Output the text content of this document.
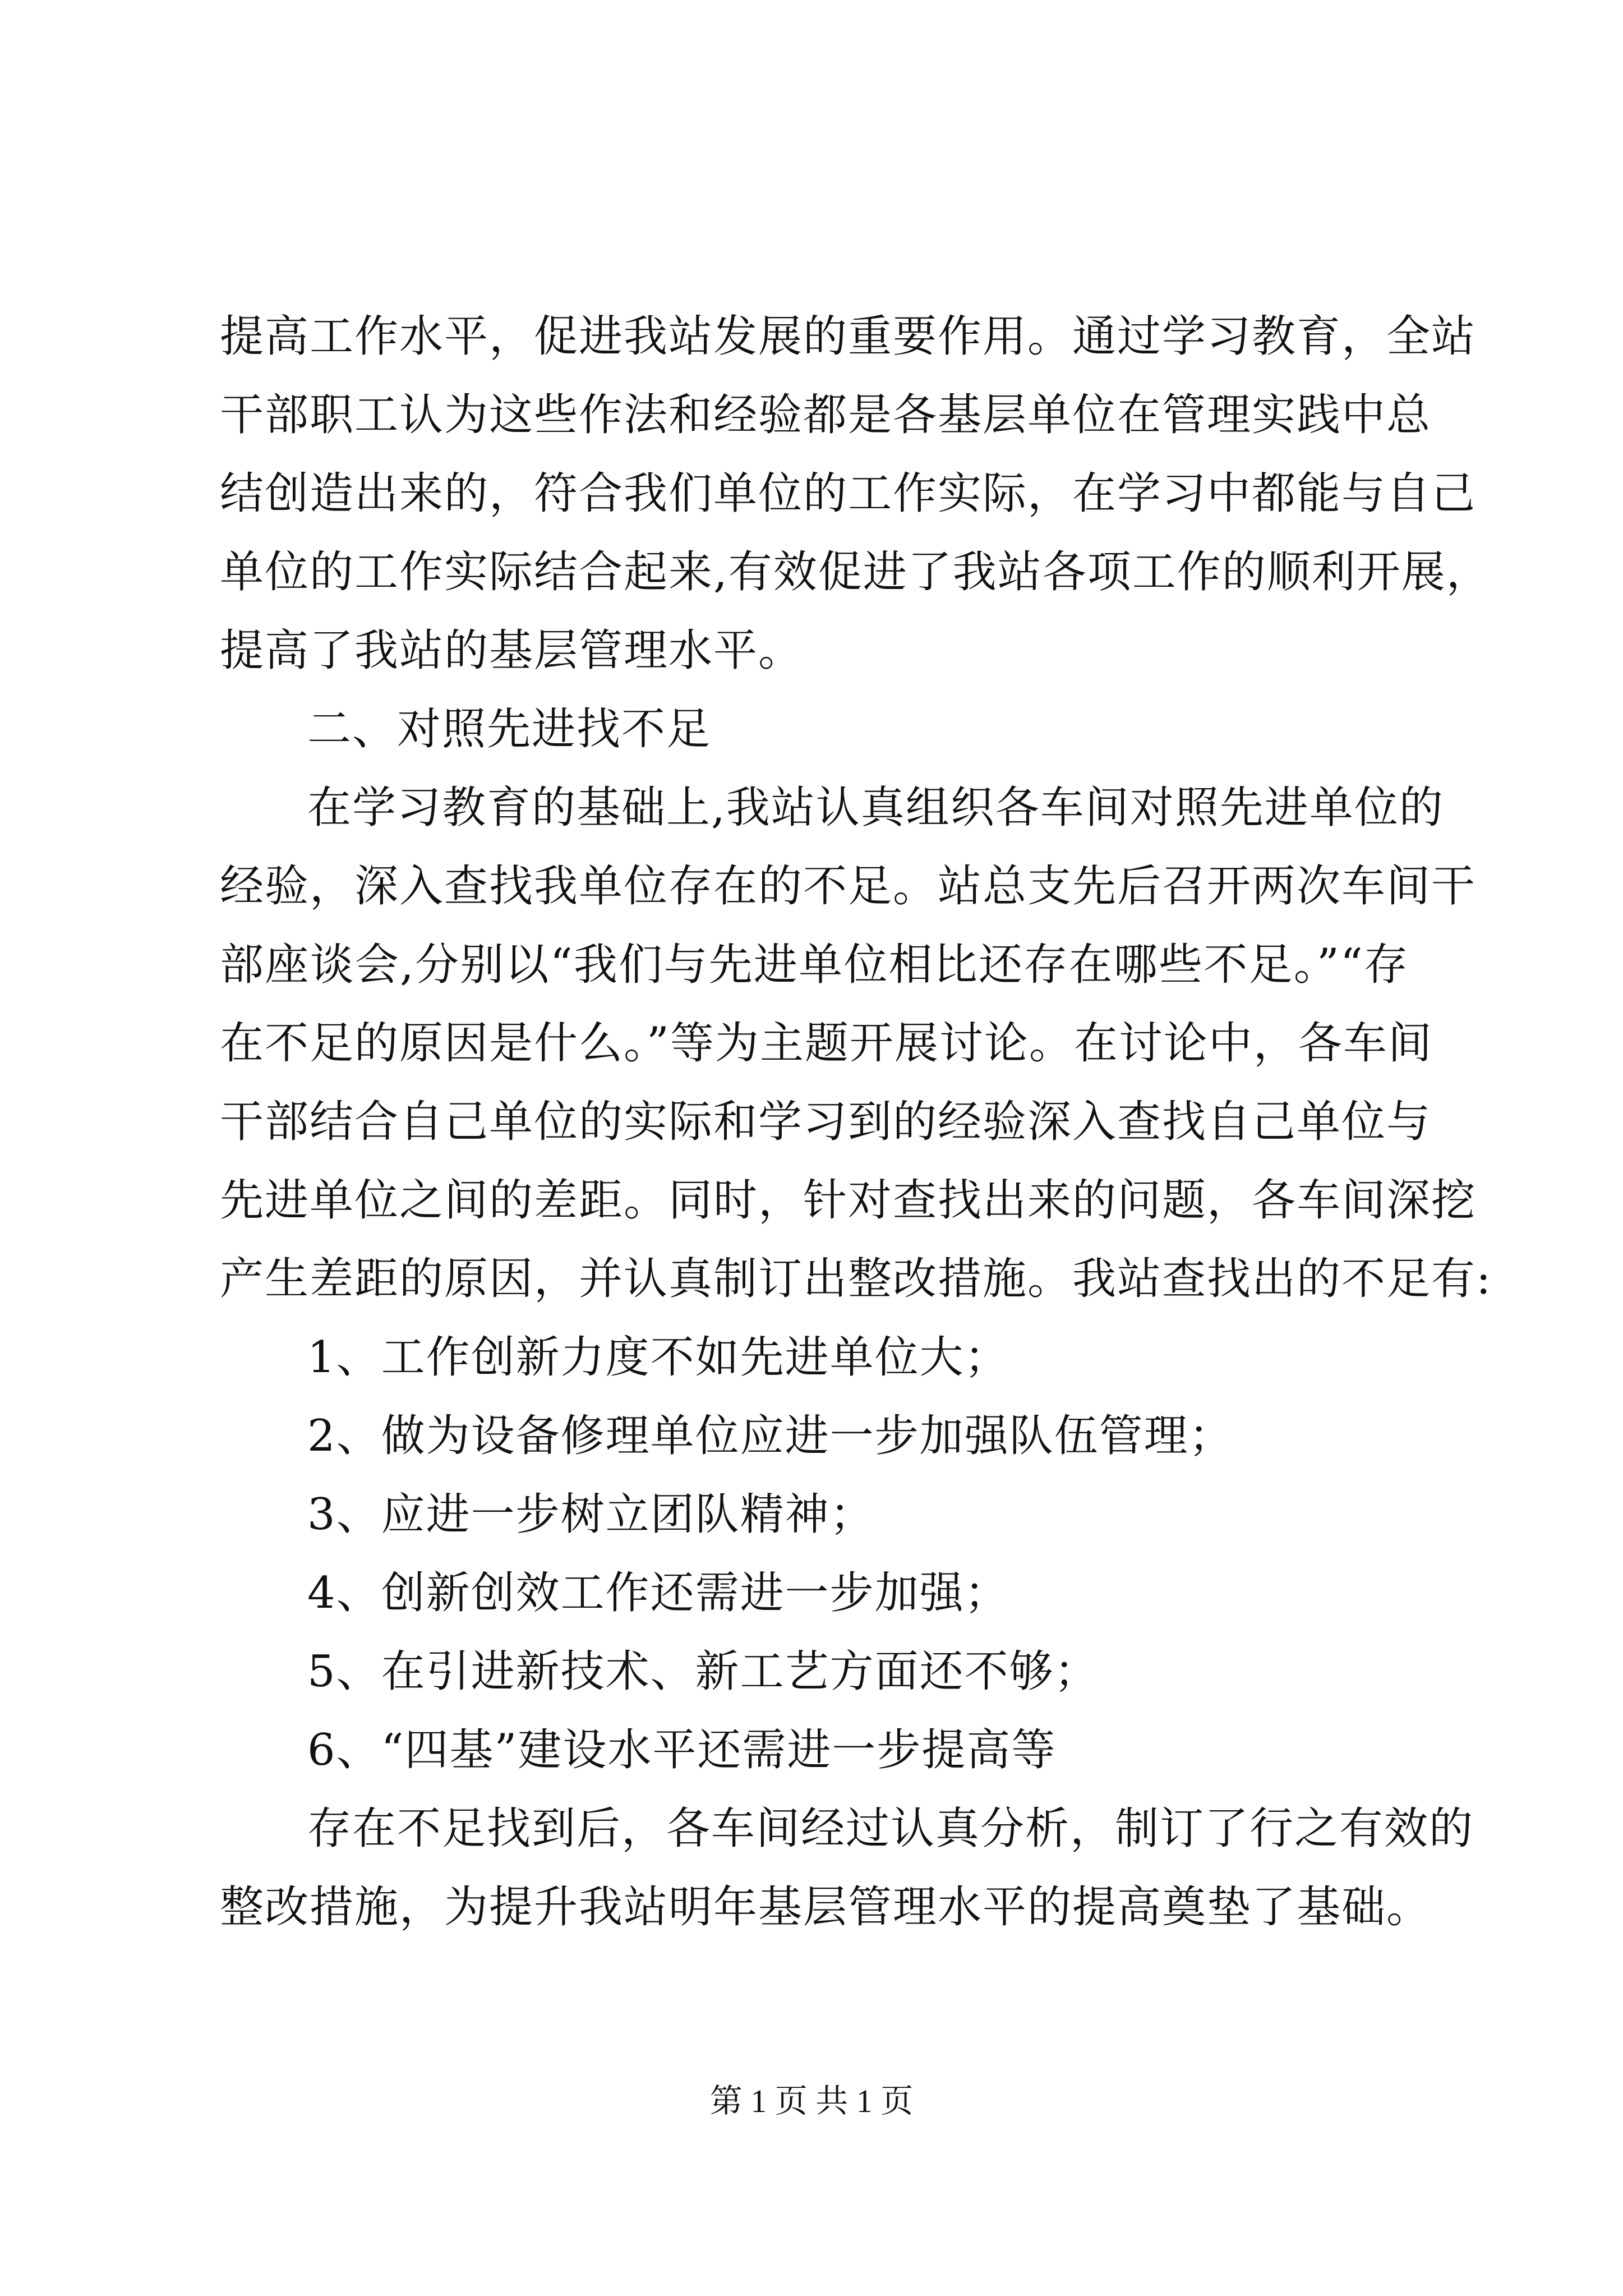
提高工作水平，促进我站发展的重要作用。通过学习教育，全站
干部职工认为这些作法和经验都是各基层单位在管理实践中总
结创造出来的，符合我们单位的工作实际，在学习中都能与自己
单位的工作实际结合起来,有效促进了我站各项工作的顺利开展，
提高了我站的基层管理水平。
二、对照先进找不足
在学习教育的基础上,我站认真组织各车间对照先进单位的
经验，深入查找我单位存在的不足。站总支先后召开两次车间干
部座谈会,分别以“我们与先进单位相比还存在哪些不足。”“存
在不足的原因是什么。”等为主题开展讨论。在讨论中，各车间
干部结合自己单位的实际和学习到的经验深入查找自己单位与
先进单位之间的差距。同时，针对查找出来的问题，各车间深挖
产生差距的原因，并认真制订出整改措施。我站查找出的不足有:
1、工作创新力度不如先进单位大；
2、做为设备修理单位应进一步加强队伍管理；
3、应进一步树立团队精神；
4、创新创效工作还需进一步加强；
5、在引进新技术、新工艺方面还不够；
6、“四基”建设水平还需进一步提高等
存在不足找到后，各车间经过认真分析，制订了行之有效的
整改措施，为提升我站明年基层管理水平的提高奠垫了基础。
第 1 页 共 1 页
